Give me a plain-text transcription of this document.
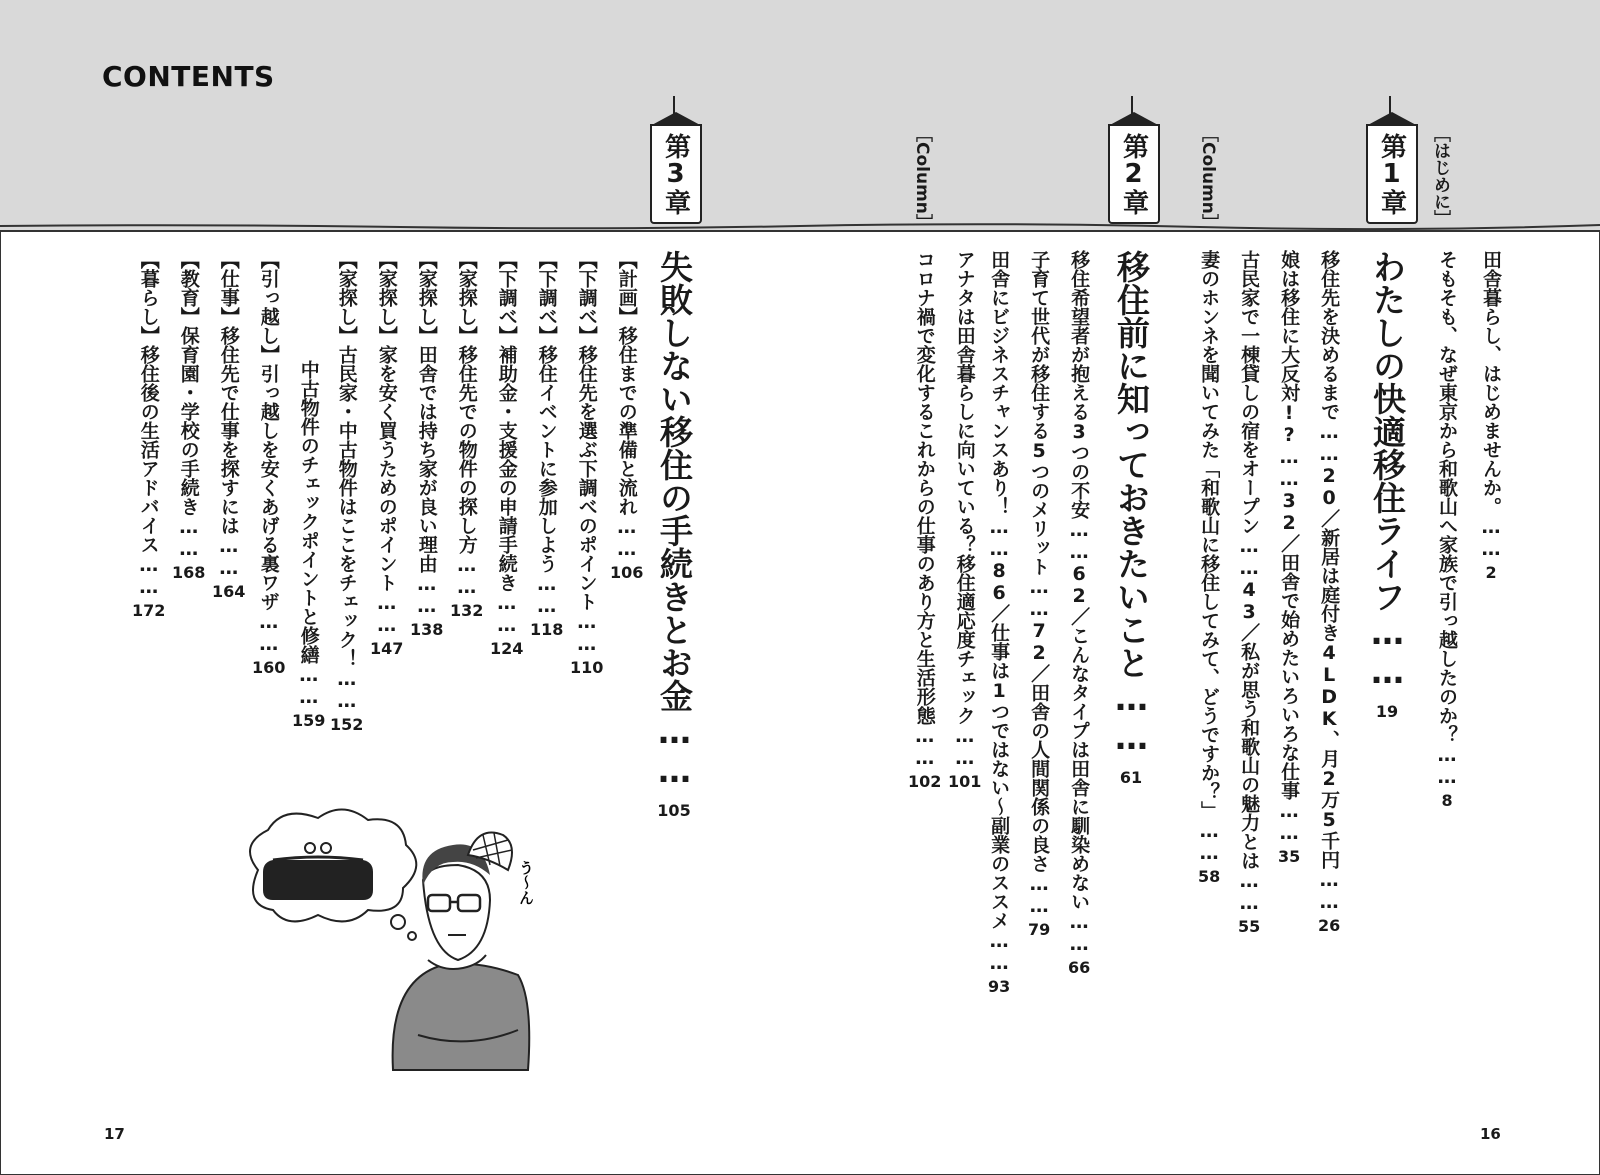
CONTENTS
［はじめに］
田舎暮らし、はじめませんか。……2
そもそも、なぜ東京から和歌山へ家族で引っ越したのか？……8
第1章
わたしの快適移住ライフ……19
移住先を決めるまで……20／新居は庭付き4LDK、月2万5千円……26
娘は移住に大反対!?……32／田舎で始めたいろいろな仕事……35
古民家で一棟貸しの宿をオープン……43／私が思う和歌山の魅力とは……55
［Column］
妻のホンネを聞いてみた「和歌山に移住してみて、どうですか？」……58
第2章
移住前に知っておきたいこと……61
移住希望者が抱える3つの不安……62／こんなタイプは田舎に馴染めない……66
子育て世代が移住する5つのメリット……72／田舎の人間関係の良さ……79
田舎にビジネスチャンスあり！……86／仕事は1つではない～副業のススメ……93
アナタは田舎暮らしに向いている？移住適応度チェック……101
［Column］
コロナ禍で変化するこれからの仕事のあり方と生活形態……102
第3章
失敗しない移住の手続きとお金……105
【計画】移住までの準備と流れ……106
【下調べ】移住先を選ぶ下調べのポイント……110
【下調べ】移住イベントに参加しよう……118
【下調べ】補助金・支援金の申請手続き……124
【家探し】移住先での物件の探し方……132
【家探し】田舎では持ち家が良い理由……138
【家探し】家を安く買うためのポイント……147
【家探し】古民家・中古物件はここをチェック！……152
中古物件のチェックポイントと修繕……159
【引っ越し】引っ越しを安くあげる裏ワザ……160
【仕事】移住先で仕事を探すには……164
【教育】保育園・学校の手続き……168
【暮らし】移住後の生活アドバイス……172
う〜ん
17	16
